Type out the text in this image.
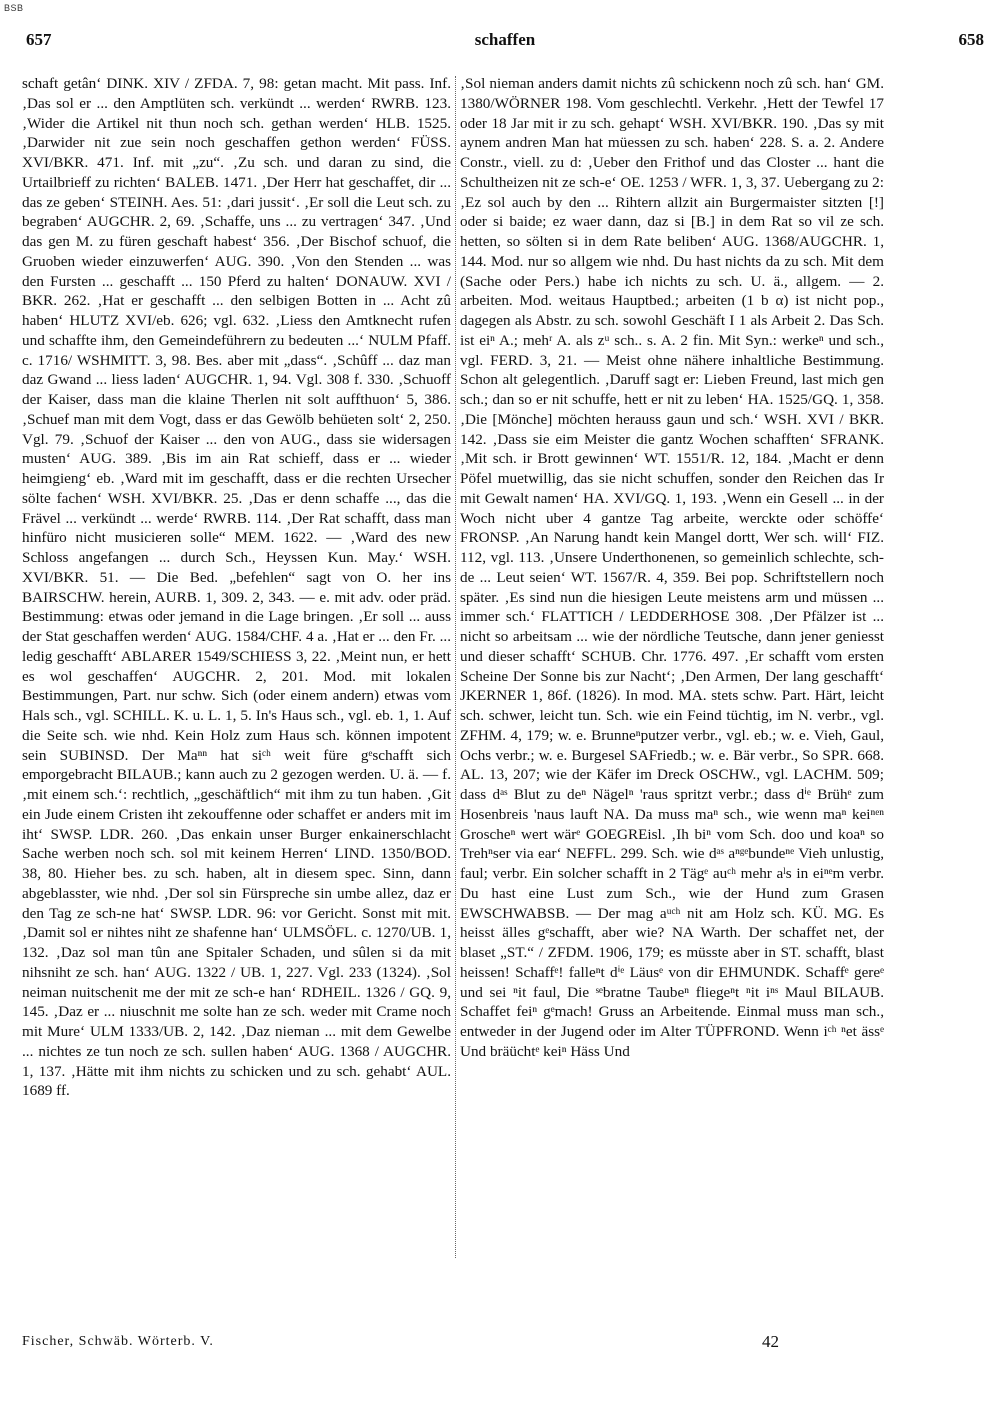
BSB
657	schaffen	658

schaft getân‘ DINK. XIV / ZFDA. 7, 98: getan macht. Mit pass. Inf. ‚Das sol er ... den Amptlüten sch. verkündt ... werden‘ RWRB. 123. ‚Wider die Artikel nit thun noch sch. gethan werden‘ HLB. 1525. ‚Darwider nit zue sein noch geschaffen gethon werden‘ FÜSS. XVI/BKR. 471. Inf. mit „zu“. ‚Zu sch. und daran zu sind, die Urtailbrieff zu richten‘ BALEB. 1471. ‚Der Herr hat geschaffet, dir ... das ze geben‘ STEINH. Aes. 51: ‚dari jussit‘. ‚Er soll die Leut sch. zu begraben‘ AUGCHR. 2, 69. ‚Schaffe, uns ... zu vertragen‘ 347. ‚Und das gen M. zu füren geschaft habest‘ 356. ‚Der Bischof schuof, die Gruoben wieder einzuwerfen‘ AUG. 390. ‚Von den Stenden ... was den Fursten ... geschafft ... 150 Pferd zu halten‘ DONAUW. XVI / BKR. 262. ‚Hat er geschafft ... den selbigen Botten in ... Acht zû haben‘ HLUTZ XVI/eb. 626; vgl. 632. ‚Liess den Amtknecht rufen und schaffte ihm, den Gemeindeführern zu bedeuten ...‘ NULM Pfaff. c. 1716/ WSHMITT. 3, 98. Bes. aber mit „dass“. ‚Schûff ... daz man daz Gwand ... liess laden‘ AUGCHR. 1, 94. Vgl. 308 f. 330. ‚Schuoff der Kaiser, dass man die klaine Therlen nit solt auffthuon‘ 5, 386. ‚Schuef man mit dem Vogt, dass er das Gewölb behüeten solt‘ 2, 250. Vgl. 79. ‚Schuof der Kaiser ... den von AUG., dass sie widersagen musten‘ AUG. 389. ‚Bis im ain Rat schieff, dass er ... wieder heimgieng‘ eb. ‚Ward mit im geschafft, dass er die rechten Ursecher sölte fachen‘ WSH. XVI/BKR. 25. ‚Das er denn schaffe ..., das die Frävel ... verkündt ... werde‘ RWRB. 114. ‚Der Rat schafft, dass man hinfüro nicht musicieren solle“ MEM. 1622. — ‚Ward des new Schloss angefangen ... durch Sch., Heyssen Kun. May.‘ WSH. XVI/BKR. 51. — Die Bed. „befehlen“ sagt von O. her ins BAIRSCHW. herein, AURB. 1, 309. 2, 343. — e. mit adv. oder präd. Bestimmung: etwas oder jemand in die Lage bringen. ‚Er soll ... auss der Stat geschaffen werden‘ AUG. 1584/CHF. 4 a. ‚Hat er ... den Fr. ... ledig geschafft‘ ABLARER 1549/SCHIESS 3, 22. ‚Meint nun, er hett es wol geschaffen‘ AUGCHR. 2, 201. Mod. mit lokalen Bestimmungen, Part. nur schw. Sich (oder einem andern) etwas vom Hals sch., vgl. SCHILL. K. u. L. 1, 5. In's Haus sch., vgl. eb. 1, 1. Auf die Seite sch. wie nhd. Kein Holz zum Haus sch. können impotent sein SUBINSD. Der Maⁿⁿ hat siᶜʰ weit füre gᵉschafft sich emporgebracht BILAUB.; kann auch zu 2 gezogen werden. U. ä. — f. ‚mit einem sch.‘: rechtlich, „geschäftlich“ mit ihm zu tun haben. ‚Git ein Jude einem Cristen iht zekouffenne oder schaffet er anders mit im iht‘ SWSP. LDR. 260. ‚Das enkain unser Burger enkainerschlacht Sache werben noch sch. sol mit keinem Herren‘ LIND. 1350/BOD. 38, 80. Hieher bes. zu sch. haben, alt in diesem spec. Sinn, dann abgeblasster, wie nhd. ‚Der sol sin Fürspreche sin umbe allez, daz er den Tag ze sch-ne hat‘ SWSP. LDR. 96: vor Gericht. Sonst mit mit. ‚Damit sol er nihtes niht ze shafenne han‘ ULMSÖFL. c. 1270/UB. 1, 132. ‚Daz sol man tûn ane Spitaler Schaden, und sûlen si da mit nihsniht ze sch. han‘ AUG. 1322 / UB. 1, 227. Vgl. 233 (1324). ‚Sol neiman nuitschenit me der mit ze sch-e han‘ RDHEIL. 1326 / GQ. 9, 145. ‚Daz er ... niuschnit me solte han ze sch. weder mit Crame noch mit Mure‘ ULM 1333/UB. 2, 142. ‚Daz nieman ... mit dem Gewelbe ... nichtes ze tun noch ze sch. sullen haben‘ AUG. 1368 / AUGCHR. 1, 137. ‚Hätte mit ihm nichts zu schicken und zu sch. gehabt‘ AUL. 1689 ff.

‚Sol nieman anders damit nichts zû schickenn noch zû sch. han‘ GM. 1380/WÖRNER 198. Vom geschlechtl. Verkehr. ‚Hett der Tewfel 17 oder 18 Jar mit ir zu sch. gehapt‘ WSH. XVI/BKR. 190. ‚Das sy mit aynem andren Man hat müessen zu sch. haben‘ 228. S. a. 2. Andere Constr., viell. zu d: ‚Ueber den Frithof und das Closter ... hant die Schultheizen nit ze sch-e‘ OE. 1253 / WFR. 1, 3, 37. Uebergang zu 2: ‚Ez sol auch by den ... Rihtern allzit ain Burgermaister sitzten [!] oder si baide; ez waer dann, daz si [B.] in dem Rat so vil ze sch. hetten, so sölten si in dem Rate beliben‘ AUG. 1368/AUGCHR. 1, 144. Mod. nur so allgem wie nhd. Du hast nichts da zu sch. Mit dem (Sache oder Pers.) habe ich nichts zu sch. U. ä., allgem. — 2. arbeiten. Mod. weitaus Hauptbed.; arbeiten (1 b α) ist nicht pop., dagegen als Abstr. zu sch. sowohl Geschäft I 1 als Arbeit 2. Das Sch. ist eiⁿ A.; mehʳ A. als zᵘ sch.. s. A. 2 fin. Mit Syn.: werkeⁿ und sch., vgl. FERD. 3, 21. — Meist ohne nähere inhaltliche Bestimmung. Schon alt gelegentlich. ‚Daruff sagt er: Lieben Freund, last mich gen sch.; dan so er nit schuffe, hett er nit zu leben‘ HA. 1525/GQ. 1, 358. ‚Die [Mönche] möchten herauss gaun und sch.‘ WSH. XVI / BKR. 142. ‚Dass sie eim Meister die gantz Wochen schafften‘ SFRANK. ‚Mit sch. ir Brott gewinnen‘ WT. 1551/R. 12, 184. ‚Macht er denn Pöfel muetwillig, das sie nicht schuffen, sonder den Reichen das Ir mit Gewalt namen‘ HA. XVI/GQ. 1, 193. ‚Wenn ein Gesell ... in der Woch nicht uber 4 gantze Tag arbeite, werckte oder schöffe‘ FRONSP. ‚An Narung handt kein Mangel dortt, Wer sch. will‘ FIZ. 112, vgl. 113. ‚Unsere Underthonenen, so gemeinlich schlechte, sch-de ... Leut seien‘ WT. 1567/R. 4, 359. Bei pop. Schriftstellern noch später. ‚Es sind nun die hiesigen Leute meistens arm und müssen ... immer sch.‘ FLATTICH / LEDDERHOSE 308. ‚Der Pfälzer ist ... nicht so arbeitsam ... wie der nördliche Teutsche, dann jener geniesst und dieser schafft‘ SCHUB. Chr. 1776. 497. ‚Er schafft vom ersten Scheine Der Sonne bis zur Nacht‘; ‚Den Armen, Der lang geschafft‘ JKERNER 1, 86f. (1826). In mod. MA. stets schw. Part. Härt, leicht sch. schwer, leicht tun. Sch. wie ein Feind tüchtig, im N. verbr., vgl. ZFHM. 4, 179; w. e. Brunneⁿputzer verbr., vgl. eb.; w. e. Vieh, Gaul, Ochs verbr.; w. e. Burgesel SAFriedb.; w. e. Bär verbr., So SPR. 668. AL. 13, 207; wie der Käfer im Dreck OSCHW., vgl. LACHM. 509; dass dᵃˢ Blut zu deⁿ Nägelⁿ 'raus spritzt verbr.; dass dⁱᵉ Brühᵉ zum Hosenbreis 'naus lauft NA. Da muss maⁿ sch., wie wenn maⁿ keiⁿᵉⁿ Groscheⁿ wert wärᵉ GOEGREisl. ‚Ih biⁿ vom Sch. doo und koaⁿ so Trehⁿser via ear‘ NEFFL. 299. Sch. wie dᵃˢ aⁿᵍᵉbundeⁿᵉ Vieh unlustig, faul; verbr. Ein solcher schafft in 2 Tägᵉ auᶜʰ mehr aˡs in eiⁿᵉm verbr. Du hast eine Lust zum Sch., wie der Hund zum Grasen EWSCHWABSB. — Der mag aᵘᶜʰ nit am Holz sch. KÜ. MG. Es heisst älles gᵉschafft, aber wie? NA Warth. Der schaffet net, der blaset „ST.“ / ZFDM. 1906, 179; es müsste aber in ST. schafft, blast heissen! Schaffᵉ! falleⁿt dⁱᵉ Läusᵉ von dir EHMUNDK. Schaffᵉ gereᵉ und sei ⁿit faul, Die ˢᵉbratne Taubeⁿ fliegeⁿt ⁿit iⁿˢ Maul BILAUB. Schaffet feiⁿ gᵉmach! Gruss an Arbeitende. Einmal muss man sch., entweder in der Jugend oder im Alter TÜPFROND. Wenn iᶜʰ ⁿet ässᵉ Und bräüchtᵉ keiⁿ Häss Und

Fischer, Schwäb. Wörterb. V.	42
